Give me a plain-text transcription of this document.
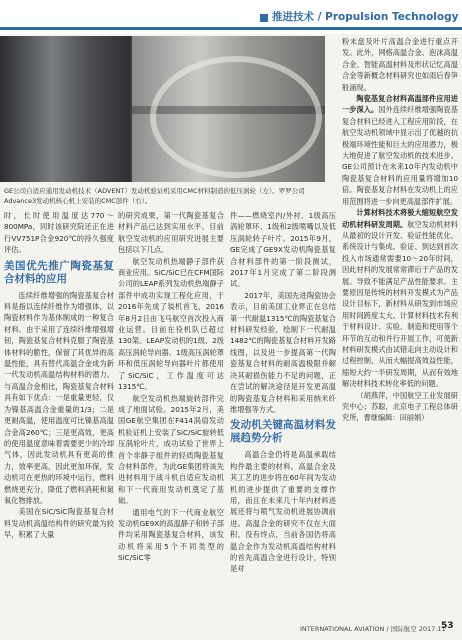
推进技术 / Propulsion Technology
GE公司自适应通用发动机技术（ADVENT）发动机验证机采用CMC材料制造的低压涡轮（左）。罗罗公司Advance3发动机核心机上安装的CMC部件（右）。

时，长时使用温度达770～800MPa，同时该研究院还正在进行VV751P合金920℃的持久强度评估。

美国优先推广陶瓷基复合材料的应用

连续纤维增强的陶瓷基复合材料是指以连续纤维作为增强体，以陶瓷材料作为基体制成的一种复合材料。由于采用了连续纤维增强增韧，陶瓷基复合材料克服了陶瓷基体材料的脆性，保留了其优异的高温性能，具有替代高温合金成为新一代发动机高温结构材料的潜力。与高温合金相比，陶瓷基复合材料具有如下优点：一是重量更轻，仅为镍基高温合金重量的1/3；二是更耐高温，使用温度可比镍基高温合金高260℃；三是更高效，更高的使用温度意味着需要更少的冷却气体，因此发动机具有更高的推力，效率更高，因此更加环保，发动机可在更热的环境中运行，燃料燃烧更充分，降低了燃料消耗和氮氧化物排放。

美国在SiC/SiC陶瓷基复合材料发动机高温结构件的研究最为较早，积累了大量

的研究成果，第一代陶瓷基复合材料产品已达到实用水平。目前航空发动机的应用研究进展主要包括以下几点。

航空发动机热端静子部件获商业应用。SiC/SiC已在CFM国际公司的LEAP系列发动机热端静子部件中成功实现工程化应用，于2016年先成了装机首飞，2016年8月2日由飞马航空首次投入商业运营。目前在役机队已超过130架。LEAP发动机的1级、2级高压涡轮导向器、1级高压涡轮罩环和低压涡轮导向器叶片都使用了SiC/SiC，工作温度可达1315℃。

航空发动机热端旋转部件完成了地面试验。2015年2月，美国GE航空集团在F414涡扇发动机验证机上安装了SiC/SiC旋转低压涡轮叶片，成功试验了世界上首个非静子组件的轻质陶瓷基复合材料部件，为此GE集团将该先进材料用于战斗机自适应发动机和下一代商用发动机奠定了基础。

通用电气的下一代商业航空发动机GE9X的高温静子和转子部件均采用陶瓷基复合材料，该发动机将采用5个不同类型的SiC/SiC零

件——燃烧室内/外衬、1级高压涡轮罩环、1级和2级喷嘴以及低压涡轮转子叶片。2015年9月，GE完成了GE9X发动机陶瓷基复合材料部件的第一阶段测试，2017年1月完成了第二阶段测试。

2017年，美国先进陶瓷协会表示，目前美国工业界正在总结第一代耐温1315℃的陶瓷基复合材料研发经验，绘制下一代耐温1482℃的陶瓷基复合材料开发路线图，以及进一步提高第一代陶瓷基复合材料的耐高温极限并解决其耐损伤能力不足的问题，正在尝试的解决途径是开发更高温的陶瓷基复合材料和采用纳米纤维增强等方式。

发动机关键高温材料发展趋势分析

高温合金仍将是高温承载结构件最主要的材料。高温合金及其工艺的进步将在60年间为发动机的进步提供了重要的支撑作用，而且在未来几十年内材料进展还将与喷气发动机进展协调前进。高温合金的研究不仅在大面积、没有终点，当前各国仍将高温合金作为发动机高温结构材料的首先高温合金进行设计，特别是对

粉末盘及叶片高温合金进行重点开发。此外，网格高温合金、泡沫高温合金、智能高温材料及形状记忆高温合金等新概念材料研究也如雨后春笋般涌现。

陶瓷基复合材料高温部件应用进一步深入。国外连续纤维增强陶瓷基复合材料已经进入工程应用阶段，在航空发动机领域中显示出了优越的抗极端环境性能和巨大的应用潜力，极大地促进了航空发动机的技术进步。GE公司预计在未来10年内发动机中陶瓷基复合材料的应用量将增加10倍。陶瓷基复合材料在发动机上的应用范围将进一步向更高温部件扩展。

计算材料技术将极大缩短航空发动机材料研发周期。航空发动机材料从最初的设计开发、验证性能优化、系统设计与集成、验证、到达到首次投入市场通常需要10～20年时间，因此材料的发展常常滞后于产品的发展。导致不能满足产品性能要求。主要原因是传统的材料开发模式为产品设计目标下，新材料从研发到市场应用时间跨度太大。计算材料技术有利于材料设计、实验、制造和使用等个环节的互动和并行开展工作，可使新材料研发模式由试错走向主动设计和过程控制，从而大幅提高效益性能，缩短大约一半研发周期，从而有效地解决材料技术转化率低的问题。

（胡燕萍，中国航空工业发展研究中心；苏聪，北京电子工程总体研究所，曹继编辑：田丽娟）

INTERNATIONAL AVIATION / 国际航空 2017.11
53
